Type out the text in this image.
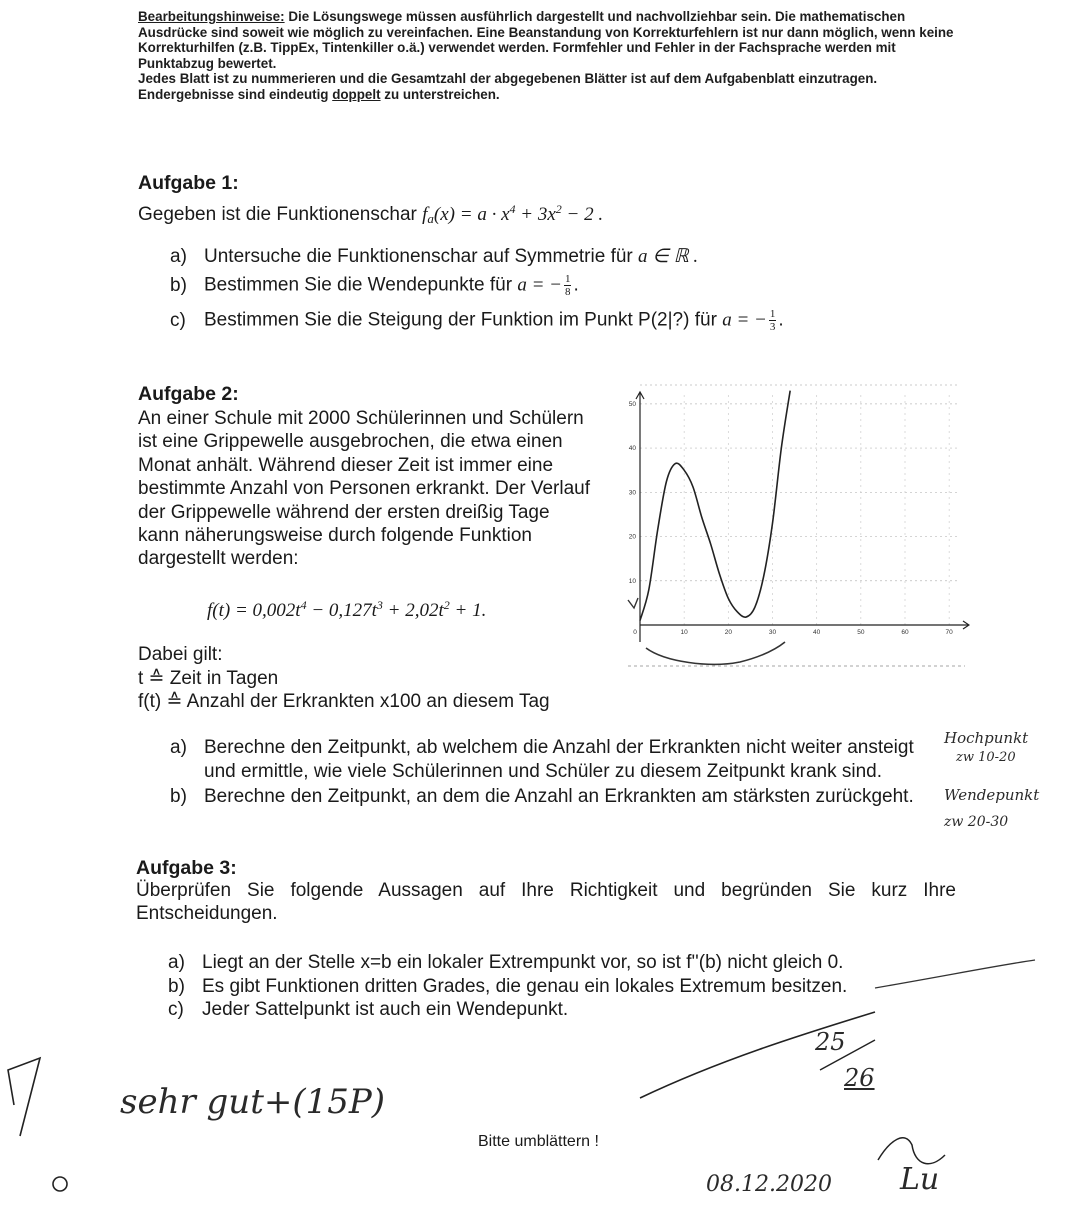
Bearbeitungshinweise: Die Lösungswege müssen ausführlich dargestellt und nachvollziehbar sein. Die mathematischen Ausdrücke sind soweit wie möglich zu vereinfachen. Eine Beanstandung von Korrekturfehlern ist nur dann möglich, wenn keine Korrekturhilfen (z.B. TippEx, Tintenkiller o.ä.) verwendet werden. Formfehler und Fehler in der Fachsprache werden mit Punktabzug bewertet.
Jedes Blatt ist zu nummerieren und die Gesamtzahl der abgegebenen Blätter ist auf dem Aufgabenblatt einzutragen.
Endergebnisse sind eindeutig doppelt zu unterstreichen.
Aufgabe 1:
Gegeben ist die Funktionenschar $f_a(x) = a \cdot x^4 + 3x^2 - 2$ .
a) Untersuche die Funktionenschar auf Symmetrie für a ∈ ℝ .
b) Bestimmen Sie die Wendepunkte für a = − $\frac{1}{8}$ .
c) Bestimmen Sie die Steigung der Funktion im Punkt P(2|?) für a = − $\frac{1}{3}$ .
Aufgabe 2:
An einer Schule mit 2000 Schülerinnen und Schülern
ist eine Grippewelle ausgebrochen, die etwa einen
Monat anhält. Während dieser Zeit ist immer eine
bestimmte Anzahl von Personen erkrankt. Der Verlauf
der Grippewelle während der ersten dreißig Tage
kann näherungsweise durch folgende Funktion
dargestellt werden:
$f(t) = 0,002t^4 - 0,127t^3 + 2,02t^2 + 1$.
Dabei gilt:
t ≙ Zeit in Tagen
f(t) ≙ Anzahl der Erkrankten x100 an diesem Tag
0	10	20	30	40	50	60	70
10
20
30
40
50
a) Berechne den Zeitpunkt, ab welchem die Anzahl der Erkrankten nicht weiter ansteigt
und ermittle, wie viele Schülerinnen und Schüler zu diesem Zeitpunkt krank sind.
b) Berechne den Zeitpunkt, an dem die Anzahl an Erkrankten am stärksten zurückgeht.
Hochpunkt
zw 10-20
Wendepunkt
zw 20-30
Aufgabe 3:
Überprüfen Sie folgende Aussagen auf Ihre Richtigkeit und begründen Sie kurz Ihre Entscheidungen.
a) Liegt an der Stelle x=b ein lokaler Extrempunkt vor, so ist f''(b) nicht gleich 0.
b) Es gibt Funktionen dritten Grades, die genau ein lokales Extremum besitzen.
c) Jeder Sattelpunkt ist auch ein Wendepunkt.
25
26
sehr gut+(15P)
Bitte umblättern !
08.12.2020 Lu
